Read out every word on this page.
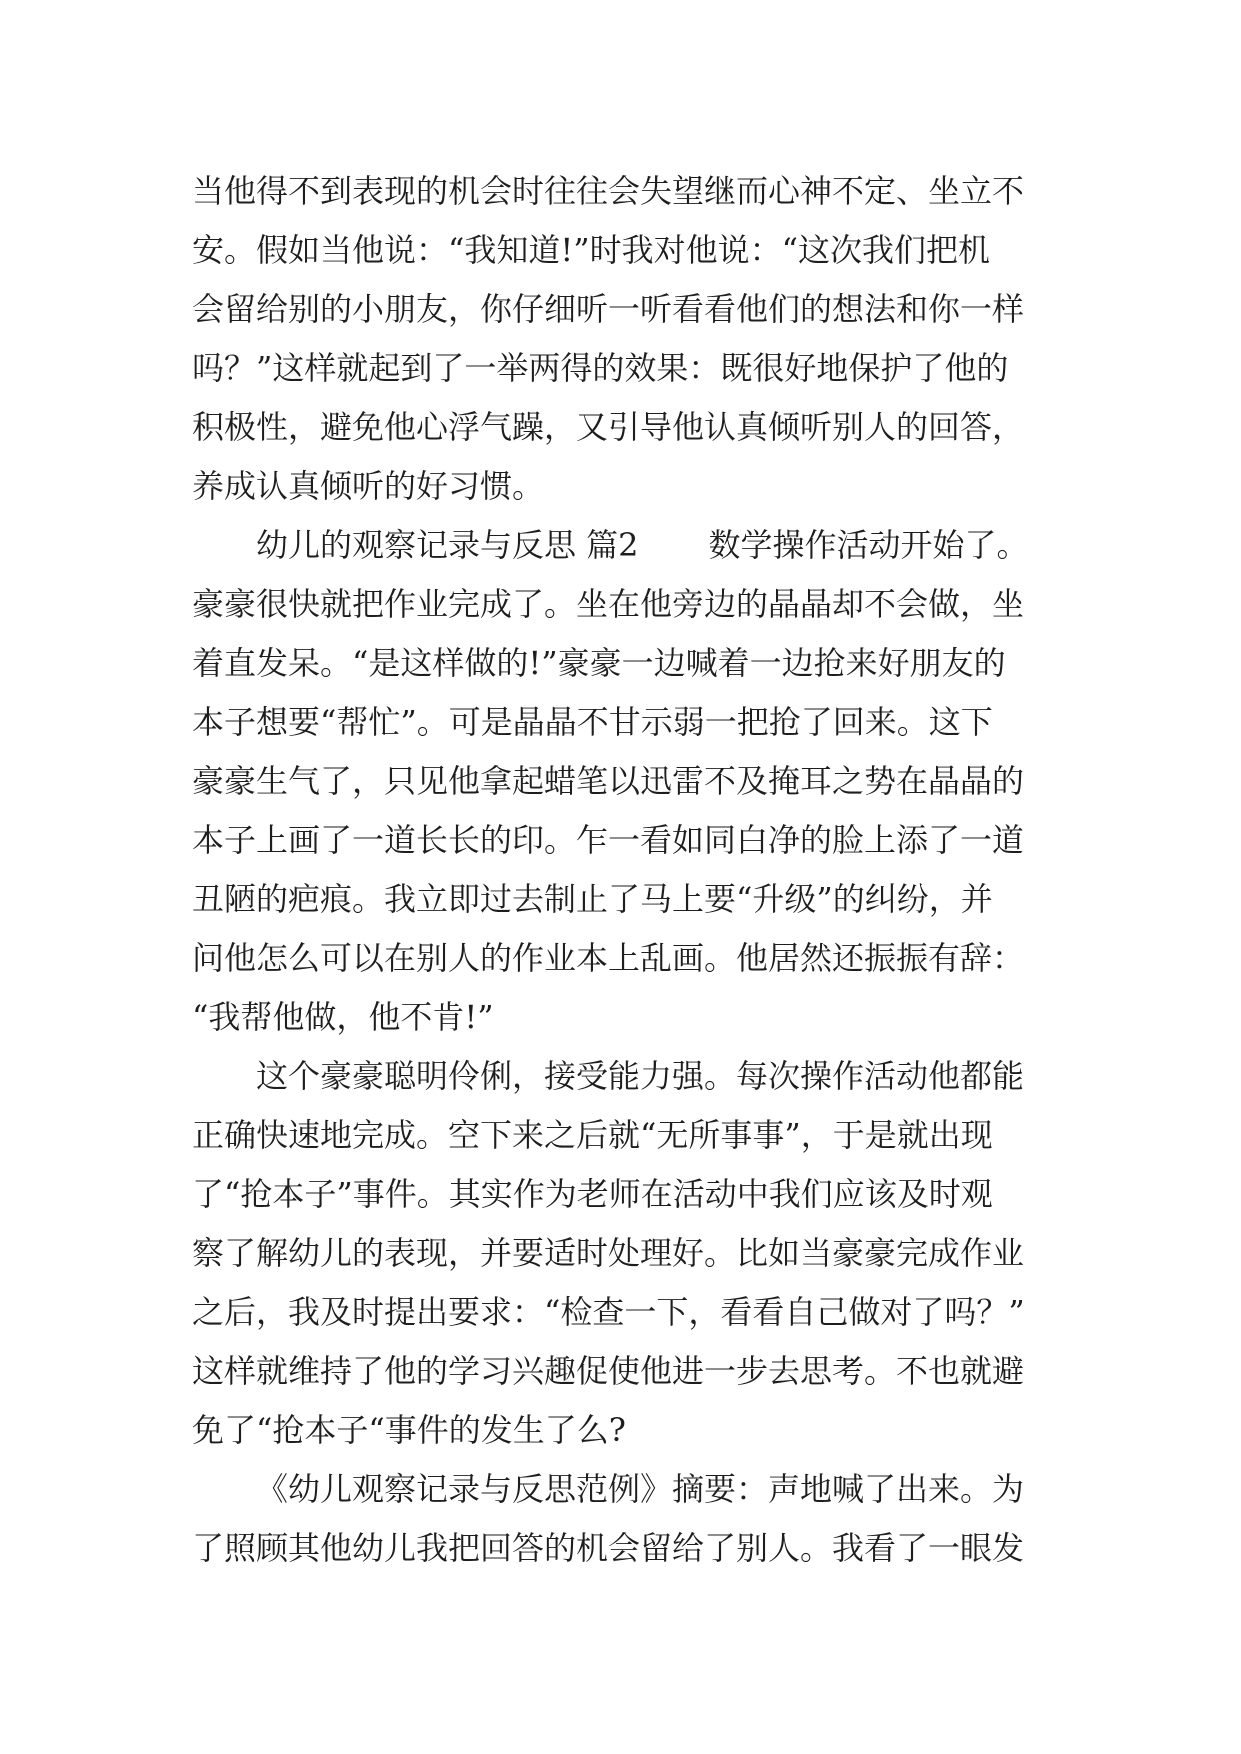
当他得不到表现的机会时往往会失望继而心神不定、坐立不
安。假如当他说：“我知道!”时我对他说：“这次我们把机
会留给别的小朋友，你仔细听一听看看他们的想法和你一样
吗？”这样就起到了一举两得的效果：既很好地保护了他的
积极性，避免他心浮气躁，又引导他认真倾听别人的回答，
养成认真倾听的好习惯。
幼儿的观察记录与反思 篇2 数学操作活动开始了。
豪豪很快就把作业完成了。坐在他旁边的晶晶却不会做，坐
着直发呆。“是这样做的!”豪豪一边喊着一边抢来好朋友的
本子想要“帮忙”。可是晶晶不甘示弱一把抢了回来。这下
豪豪生气了，只见他拿起蜡笔以迅雷不及掩耳之势在晶晶的
本子上画了一道长长的印。乍一看如同白净的脸上添了一道
丑陋的疤痕。我立即过去制止了马上要“升级”的纠纷，并
问他怎么可以在别人的作业本上乱画。他居然还振振有辞：
“我帮他做，他不肯!”
这个豪豪聪明伶俐，接受能力强。每次操作活动他都能
正确快速地完成。空下来之后就“无所事事”，于是就出现
了“抢本子”事件。其实作为老师在活动中我们应该及时观
察了解幼儿的表现，并要适时处理好。比如当豪豪完成作业
之后，我及时提出要求：“检查一下，看看自己做对了吗？”
这样就维持了他的学习兴趣促使他进一步去思考。不也就避
免了“抢本子“事件的发生了么?
《幼儿观察记录与反思范例》摘要：声地喊了出来。为
了照顾其他幼儿我把回答的机会留给了别人。我看了一眼发
